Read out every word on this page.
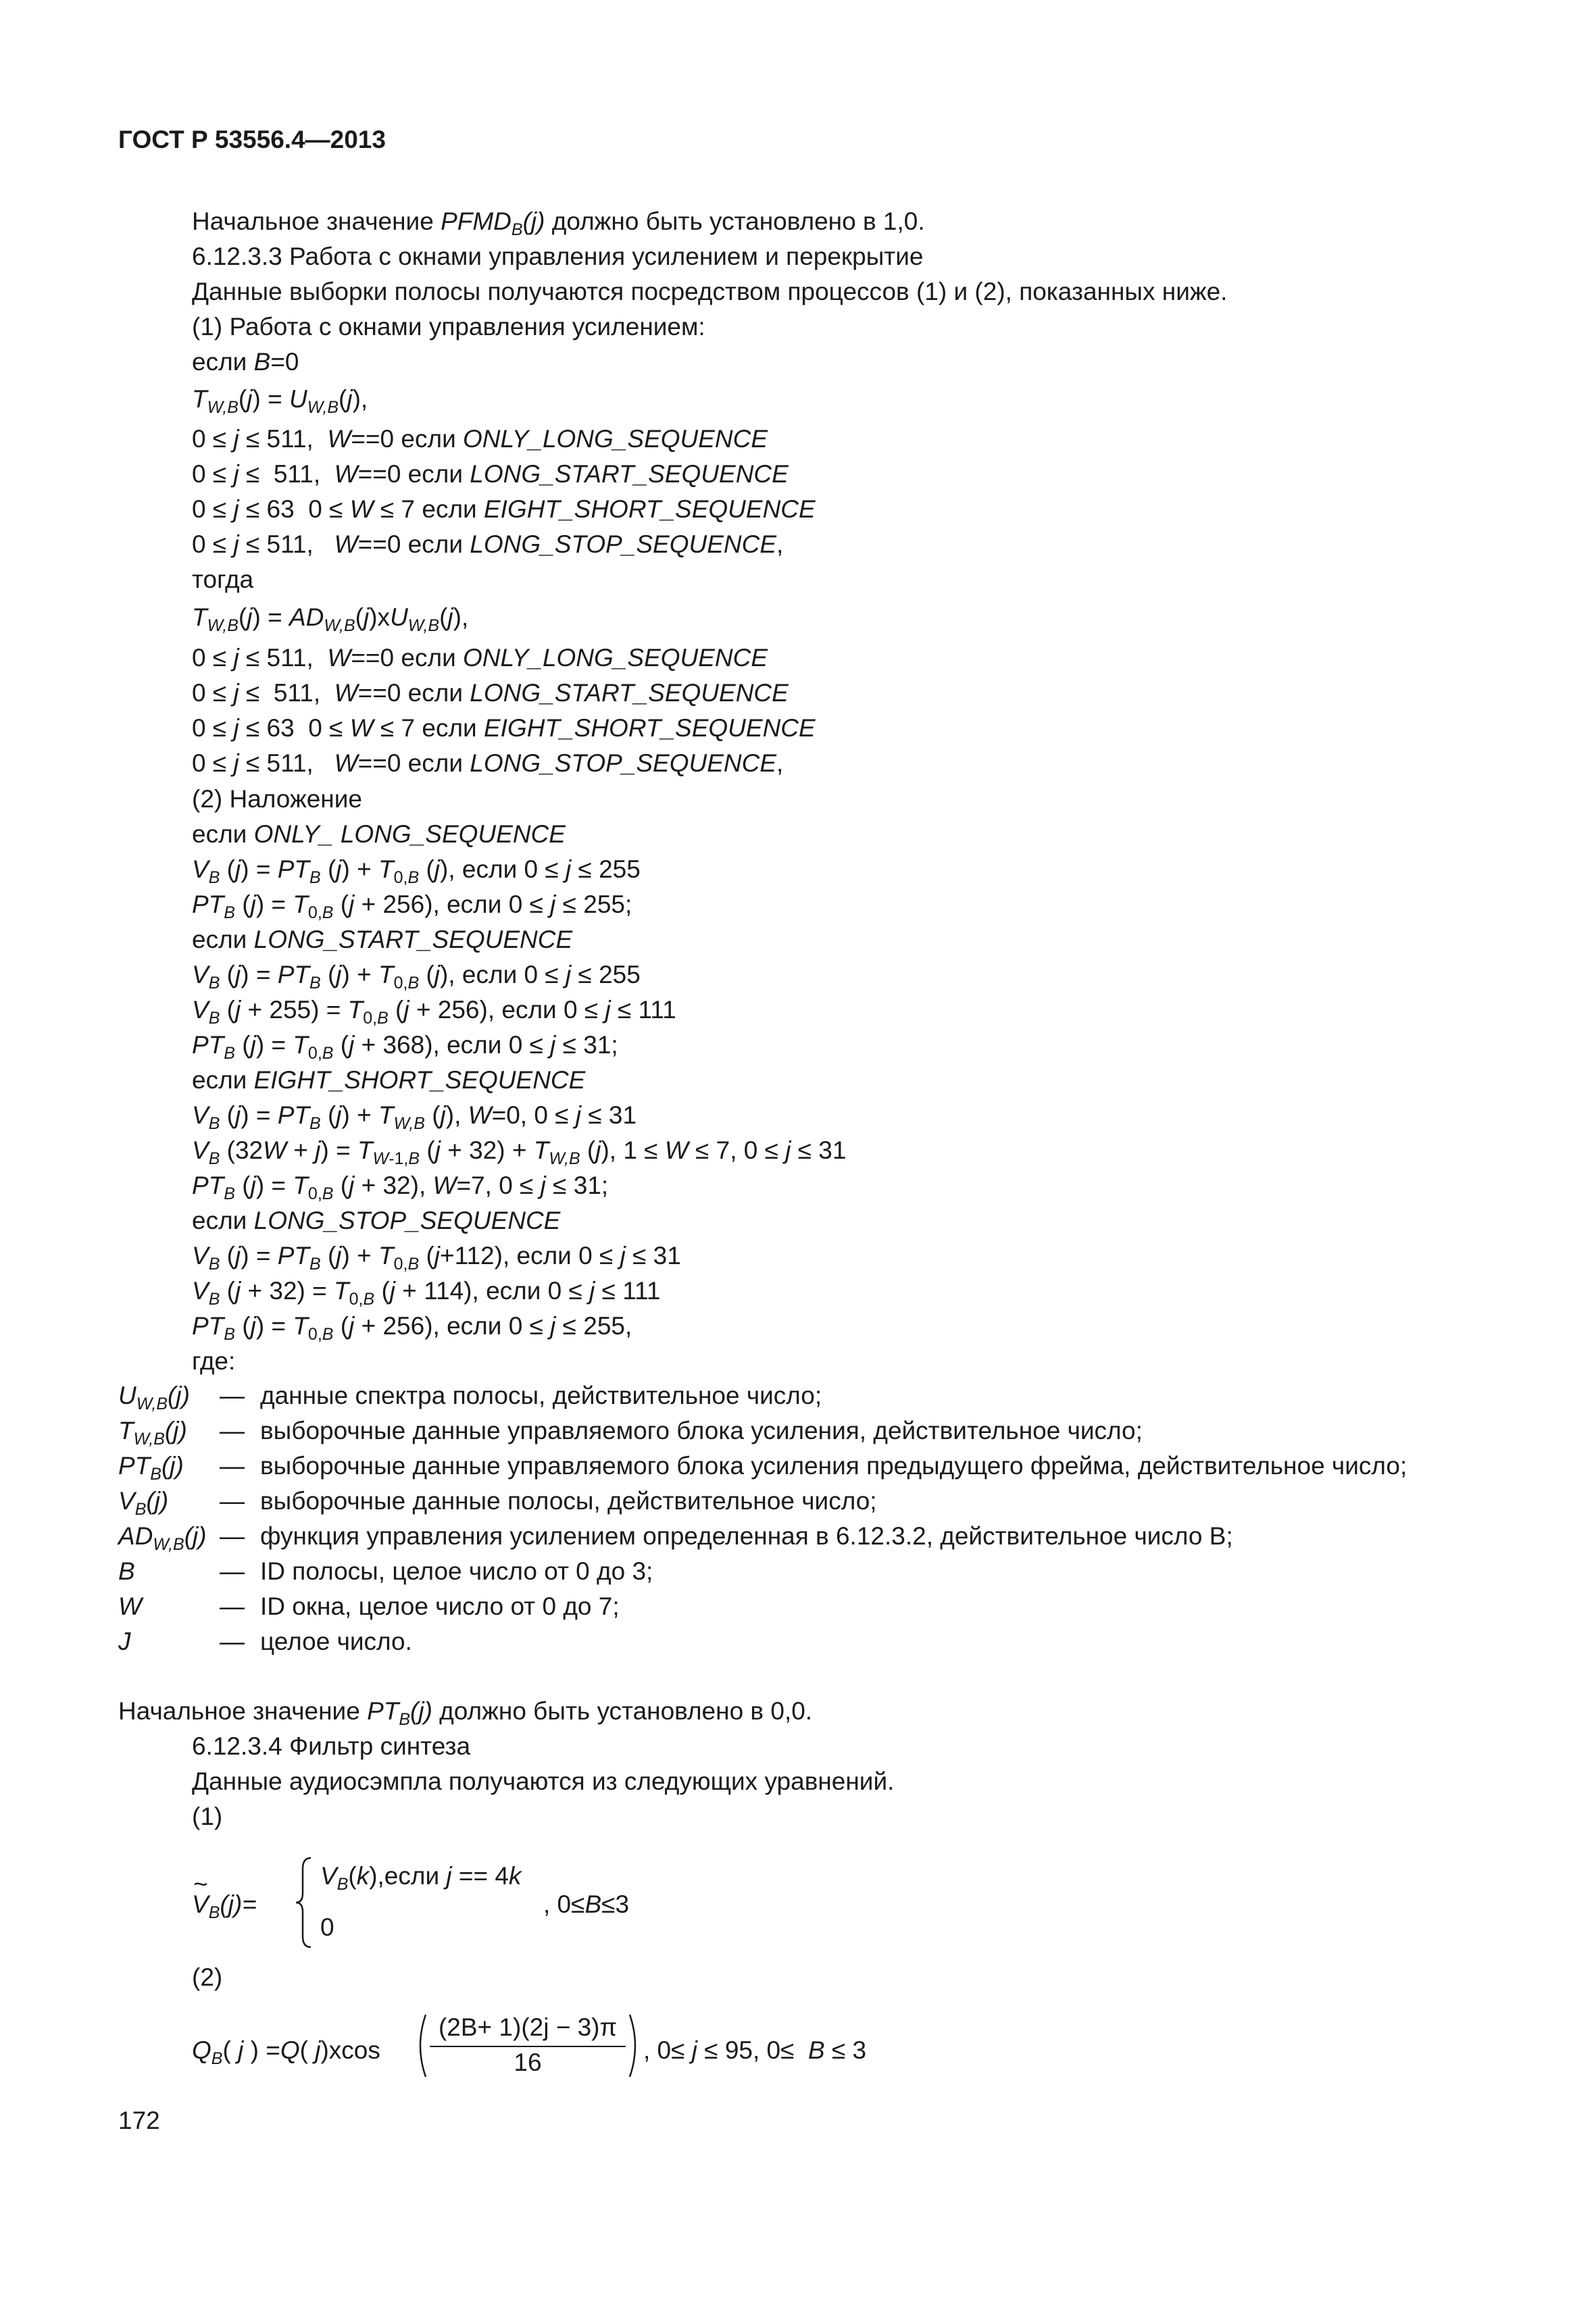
ГОСТ Р 53556.4—2013
Начальное значение $PFMD_B(j)$ должно быть установлено в 1,0.
6.12.3.3 Работа с окнами управления усилением и перекрытие
Данные выборки полосы получаются посредством процессов (1) и (2), показанных ниже.
(1) Работа с окнами управления усилением:
если B=0
$T_{W,B}(j) = U_{W,B}(j)$,
0 ≤ j ≤ 511,  W==0 если ONLY_LONG_SEQUENCE
0 ≤ j ≤  511,  W==0 если LONG_START_SEQUENCE
0 ≤ j ≤ 63  0 ≤ W ≤ 7 если EIGHT_SHORT_SEQUENCE
0 ≤ j ≤ 511,   W==0 если LONG_STOP_SEQUENCE,
тогда
$T_{W,B}(j) = AD_{W,B}(j)xU_{W,B}(j)$,
0 ≤ j ≤ 511,  W==0 если ONLY_LONG_SEQUENCE
0 ≤ j ≤  511,  W==0 если LONG_START_SEQUENCE
0 ≤ j ≤ 63  0 ≤ W ≤ 7 если EIGHT_SHORT_SEQUENCE
0 ≤ j ≤ 511,   W==0 если LONG_STOP_SEQUENCE,
(2) Наложение
если ONLY_ LONG_SEQUENCE
$V_B$ $(j) = PT_B$ $(j) + T_{0,B}$ (j), если 0 ≤ j ≤ 255
$PT_B$ $(j) = T_{0,B}$ (j + 256), если 0 ≤ j ≤ 255;
если LONG_START_SEQUENCE
$V_B$ $(j) = PT_B$ $(j) + T_{0,B}$ (j), если 0 ≤ j ≤ 255
$V_B$ $(j + 255) = T_{0,B}$ (j + 256), если 0 ≤ j ≤ 111
$PT_B$ $(j) = T_{0,B}$ (j + 368), если 0 ≤ j ≤ 31;
если EIGHT_SHORT_SEQUENCE
$V_B$ $(j) = PT_B$ $(j) + T_{W,B}$ (j), W=0, 0 ≤ j ≤ 31
$V_B$ $(32W + j) = T_{W-1,B}$ $(j + 32) + T_{W,B}$ (j), 1 ≤ W ≤ 7, 0 ≤ j ≤ 31
$PT_B$ $(j) = T_{0,B}$ (j + 32), W=7, 0 ≤ j ≤ 31;
если LONG_STOP_SEQUENCE
$V_B$ $(j) = PT_B$ $(j) + T_{0,B}$ (j+112), если 0 ≤ j ≤ 31
$V_B$ $(j + 32) = T_{0,B}$ (j + 114), если 0 ≤ j ≤ 111
$PT_B$ $(j) = T_{0,B}$ (j + 256), если 0 ≤ j ≤ 255,
где:
$U_{W,B}(j)$ — данные спектра полосы, действительное число;
$T_{W,B}(j)$ — выборочные данные управляемого блока усиления, действительное число;
$PT_B(j)$ — выборочные данные управляемого блока усиления предыдущего фрейма, действительное число;
$V_B(j)$ — выборочные данные полосы, действительное число;
$AD_{W,B}(j)$ — функция управления усилением определенная в 6.12.3.2, действительное число B;
B	— ID полосы, целое число от 0 до 3;
W	— ID окна, целое число от 0 до 7;
J	— целое число.
Начальное значение $PT_B(j)$ должно быть установлено в 0,0.
6.12.3.4 Фильтр синтеза
Данные аудиосэмпла получаются из следующих уравнений.
(1)
V
~
$_B$(j)=
$V_B(k),если$ j == 4k
0
, 0≤B≤3
(2)
$Q_B$( j ) =Q( j)xcos
(2B+ 1)(2j − 3)π
16	, 0≤ j ≤ 95, 0≤  B ≤ 3
172
